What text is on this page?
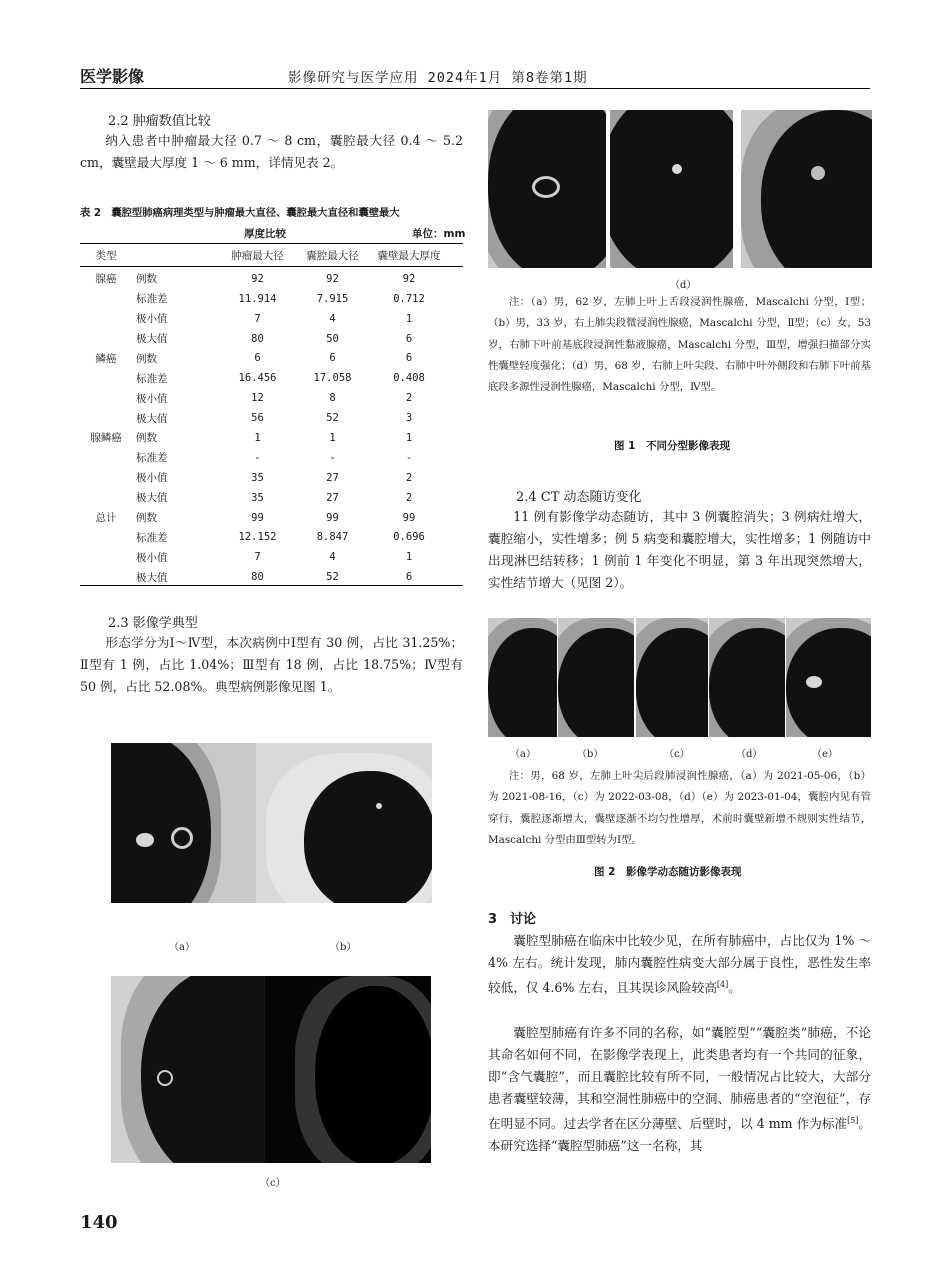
医学影像	影像研究与医学应用 2024年1月 第8卷第1期
2.2 肿瘤数值比较

纳入患者中肿瘤最大径 0.7 ～ 8 cm，囊腔最大径 0.4 ～ 5.2 cm，囊壁最大厚度 1 ～ 6 mm，详情见表 2。

表 2　囊腔型肺癌病理类型与肿瘤最大直径、囊腔最大直径和囊壁最大
厚度比较	单位：mm
类型		肿瘤最大径	囊腔最大径	囊壁最大厚度

腺癌	例数	92	92	92
	标准差	11.914	7.915	0.712
	极小值	7	4	1
	极大值	80	50	6
鳞癌	例数	6	6	6
	标准差	16.456	17.058	0.408
	极小值	12	8	2
	极大值	56	52	3
腺鳞癌	例数	1	1	1
	标准差	-	-	-
	极小值	35	27	2
	极大值	35	27	2
总计	例数	99	99	99
	标准差	12.152	8.847	0.696
	极小值	7	4	1
	极大值	80	52	6
2.3 影像学典型

形态学分为Ⅰ～Ⅳ型，本次病例中Ⅰ型有 30 例，占比 31.25%；Ⅱ型有 1 例，占比 1.04%；Ⅲ型有 18 例，占比 18.75%；Ⅳ型有 50 例，占比 52.08%。典型病例影像见图 1。

（a）	（b）
（c）
（d）

注：（a）男，62 岁，左肺上叶上舌段浸润性腺癌，Mascalchi 分型，Ⅰ型；（b）男，33 岁，右上肺尖段微浸润性腺癌，Mascalchi 分型，Ⅱ型；（c）女，53 岁，右肺下叶前基底段浸润性黏液腺癌，Mascalchi 分型，Ⅲ型，增强扫描部分实性囊壁轻度强化；（d）男，68 岁，右肺上叶尖段、右肺中叶外侧段和右肺下叶前基底段多源性浸润性腺癌，Mascalchi 分型，Ⅳ型。

图 1　不同分型影像表现
2.4 CT 动态随访变化

11 例有影像学动态随访，其中 3 例囊腔消失；3 例病灶增大，囊腔缩小，实性增多；例 5 病变和囊腔增大，实性增多；1 例随访中出现淋巴结转移；1 例前 1 年变化不明显，第 3 年出现突然增大，实性结节增大（见图 2）。

（a）	（b）	（c）	（d）	（e）

注：男，68 岁，左肺上叶尖后段肺浸润性腺癌，（a）为 2021-05-06，（b）为 2021-08-16，（c）为 2022-03-08，（d）（e）为 2023-01-04，囊腔内见有管穿行，囊腔逐渐增大，囊壁逐渐不均匀性增厚，术前时囊壁新增不规则实性结节，Mascalchi 分型由Ⅲ型转为Ⅰ型。

图 2　影像学动态随访影像表现
3　讨论

囊腔型肺癌在临床中比较少见，在所有肺癌中，占比仅为 1% ～ 4% 左右。统计发现，肺内囊腔性病变大部分属于良性，恶性发生率较低，仅 4.6% 左右，且其误诊风险较高[4]。

囊腔型肺癌有许多不同的名称，如“囊腔型”“囊腔类”肺癌，不论其命名如何不同，在影像学表现上，此类患者均有一个共同的征象，即“含气囊腔”，而且囊腔比较有所不同，一般情况占比较大，大部分患者囊壁较薄，其和空洞性肺癌中的空洞、肺癌患者的“空泡征”，存在明显不同。过去学者在区分薄壁、后壁时，以 4 mm 作为标准[5]。本研究选择“囊腔型肺癌”这一名称，其

140
